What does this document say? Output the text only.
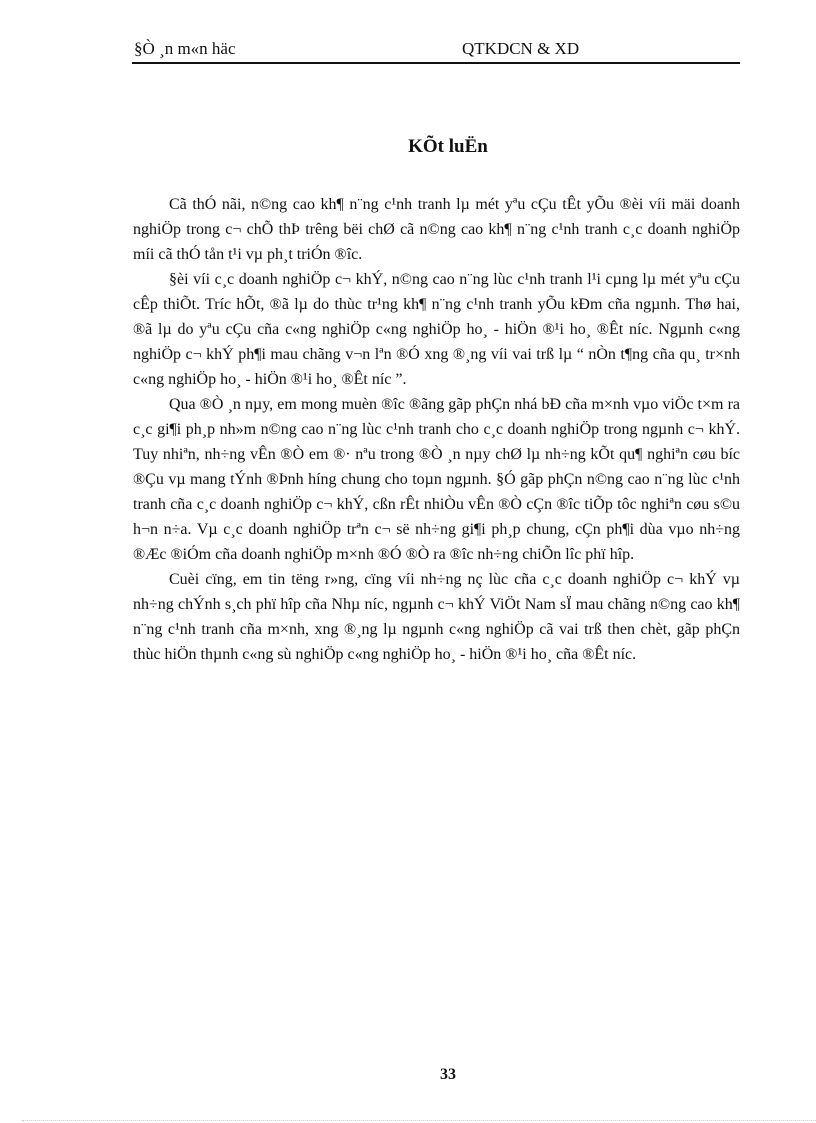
§Ò ¸n m«n häc	QTKDCN & XD
KÕt luËn

Cã thÓ nãi, n©ng cao kh¶ n¨ng c¹nh tranh lµ mét yªu cÇu tÊt yÕu ®èi víi mäi doanh nghiÖp trong c¬ chÕ thÞ trêng bëi chØ cã n©ng cao kh¶ n¨ng c¹nh tranh c¸c doanh nghiÖp míi cã thÓ tån t¹i vµ ph¸t triÓn ®îc.

§èi víi c¸c doanh nghiÖp c¬ khÝ, n©ng cao n¨ng lùc c¹nh tranh l¹i cµng lµ mét yªu cÇu cÊp thiÕt. Tríc hÕt, ®ã lµ do thùc tr¹ng kh¶ n¨ng c¹nh tranh yÕu kÐm cña ngµnh. Thø hai, ®ã lµ do yªu cÇu cña c«ng nghiÖp c«ng nghiÖp ho¸ - hiÖn ®¹i ho¸ ®Êt níc. Ngµnh c«ng nghiÖp c¬ khÝ ph¶i mau chãng v¬n lªn ®Ó xng ®¸ng víi vai trß lµ “ nÒn t¶ng cña qu¸ tr×nh c«ng nghiÖp ho¸ - hiÖn ®¹i ho¸ ®Êt níc ”.

Qua ®Ò ¸n nµy, em mong muèn ®îc ®ãng gãp phÇn nhá bÐ cña m×nh vµo viÖc t×m ra c¸c gi¶i ph¸p nh»m n©ng cao n¨ng lùc c¹nh tranh cho c¸c doanh nghiÖp trong ngµnh c¬ khÝ. Tuy nhiªn, nh÷ng vÊn ®Ò em ®· nªu trong ®Ò ¸n nµy chØ lµ nh÷ng kÕt qu¶ nghiªn cøu bíc ®Çu vµ mang tÝnh ®Þnh híng chung cho toµn ngµnh. §Ó gãp phÇn n©ng cao n¨ng lùc c¹nh tranh cña c¸c doanh nghiÖp c¬ khÝ, cßn rÊt nhiÒu vÊn ®Ò cÇn ®îc tiÕp tôc nghiªn cøu s©u h¬n n÷a. Vµ c¸c doanh nghiÖp trªn c¬ së nh÷ng gi¶i ph¸p chung, cÇn ph¶i dùa vµo nh÷ng ®Æc ®iÓm cña doanh nghiÖp m×nh ®Ó ®Ò ra ®îc nh÷ng chiÕn lîc phï hîp.

Cuèi cïng, em tin tëng r»ng, cïng víi nh÷ng nç lùc cña c¸c doanh nghiÖp c¬ khÝ vµ nh÷ng chÝnh s¸ch phï hîp cña Nhµ níc, ngµnh c¬ khÝ ViÖt Nam sÏ mau chãng n©ng cao kh¶ n¨ng c¹nh tranh cña m×nh, xng ®¸ng lµ ngµnh c«ng nghiÖp cã vai trß then chèt, gãp phÇn thùc hiÖn thµnh c«ng sù nghiÖp c«ng nghiÖp ho¸ - hiÖn ®¹i ho¸ cña ®Êt níc.

33
